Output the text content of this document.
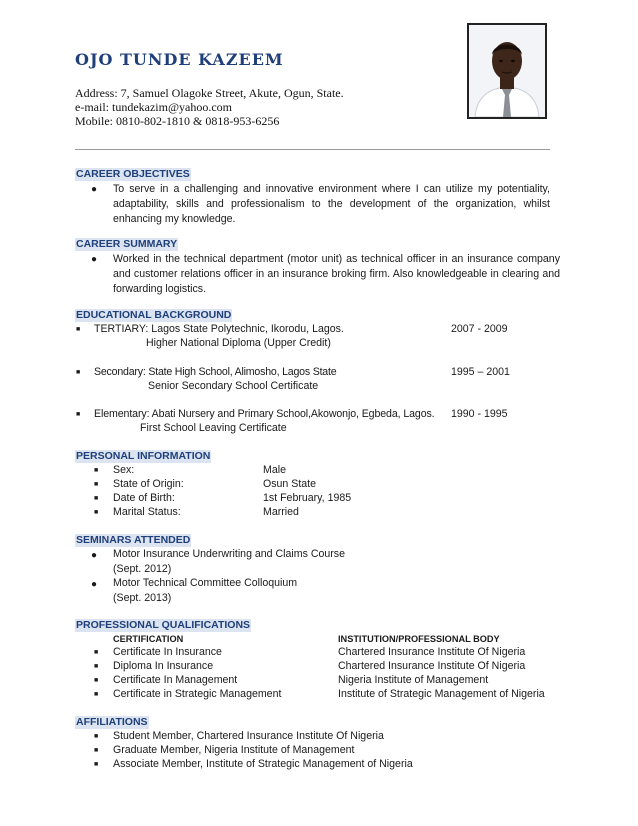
OJO TUNDE KAZEEM
Address: 7, Samuel Olagoke Street, Akute, Ogun, State.
e-mail: tundekazim@yahoo.com
Mobile: 0810-802-1810 & 0818-953-6256
CAREER OBJECTIVES
● To serve in a challenging and innovative environment where I can utilize my potentiality, adaptability, skills and professionalism to the development of the organization, whilst enhancing my knowledge.
CAREER SUMMARY
● Worked in the technical department (motor unit) as technical officer in an insurance company and customer relations officer in an insurance broking firm. Also knowledgeable in clearing and forwarding logistics.
EDUCATIONAL BACKGROUND
■ TERTIARY: Lagos State Polytechnic, Ikorodu, Lagos.	2007 - 2009
Higher National Diploma (Upper Credit)
■ Secondary: State High School, Alimosho, Lagos State	1995 – 2001
Senior Secondary School Certificate
■ Elementary: Abati Nursery and Primary School,Akowonjo, Egbeda, Lagos. 1990 - 1995
First School Leaving Certificate
PERSONAL INFORMATION
■ Sex:	Male
■ State of Origin:	Osun State
■ Date of Birth:	1st February, 1985
■ Marital Status:	Married
SEMINARS ATTENDED
● Motor Insurance Underwriting and Claims Course
(Sept. 2012)
● Motor Technical Committee Colloquium
(Sept. 2013)
PROFESSIONAL QUALIFICATIONS
CERTIFICATION	INSTITUTION/PROFESSIONAL BODY
■ Certificate In Insurance	Chartered Insurance Institute Of Nigeria
■ Diploma In Insurance	Chartered Insurance Institute Of Nigeria
■ Certificate In Management	Nigeria Institute of Management
■ Certificate in Strategic Management	Institute of Strategic Management of Nigeria
AFFILIATIONS
■ Student Member, Chartered Insurance Institute Of Nigeria
■ Graduate Member, Nigeria Institute of Management
■ Associate Member, Institute of Strategic Management of Nigeria
